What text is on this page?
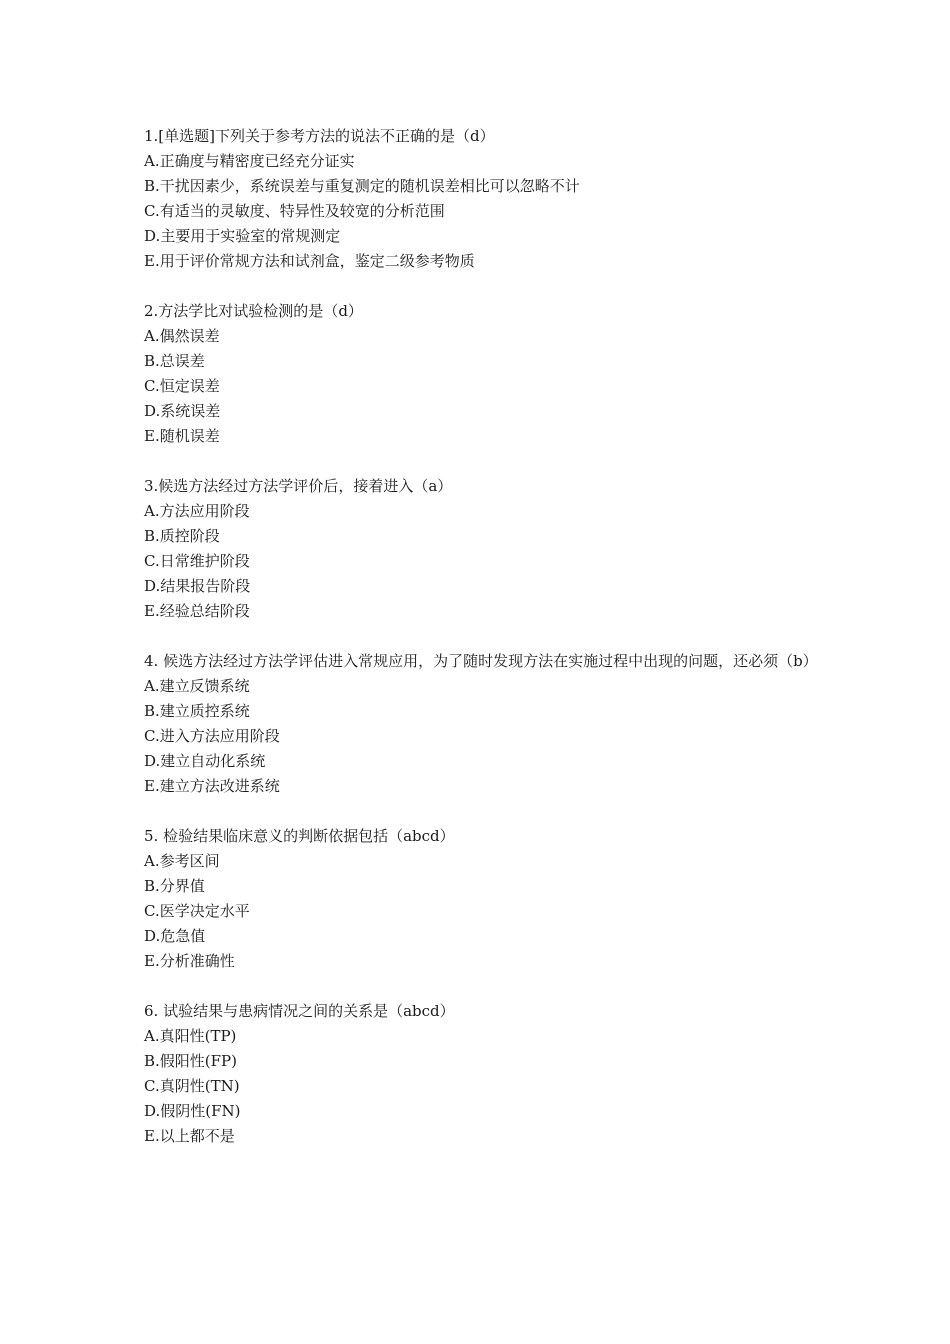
1.[单选题]下列关于参考方法的说法不正确的是（d）
A.正确度与精密度已经充分证实
B.干扰因素少，系统误差与重复测定的随机误差相比可以忽略不计
C.有适当的灵敏度、特异性及较宽的分析范围
D.主要用于实验室的常规测定
E.用于评价常规方法和试剂盒，鉴定二级参考物质
2.方法学比对试验检测的是（d）
A.偶然误差
B.总误差
C.恒定误差
D.系统误差
E.随机误差
3.候选方法经过方法学评价后，接着进入（a）
A.方法应用阶段
B.质控阶段
C.日常维护阶段
D.结果报告阶段
E.经验总结阶段
4. 候选方法经过方法学评估进入常规应用，为了随时发现方法在实施过程中出现的问题，还必须（b）
A.建立反馈系统
B.建立质控系统
C.进入方法应用阶段
D.建立自动化系统
E.建立方法改进系统
5. 检验结果临床意义的判断依据包括（abcd）
A.参考区间
B.分界值
C.医学决定水平
D.危急值
E.分析准确性
6. 试验结果与患病情况之间的关系是（abcd）
A.真阳性(TP)
B.假阳性(FP)
C.真阴性(TN)
D.假阴性(FN)
E.以上都不是
